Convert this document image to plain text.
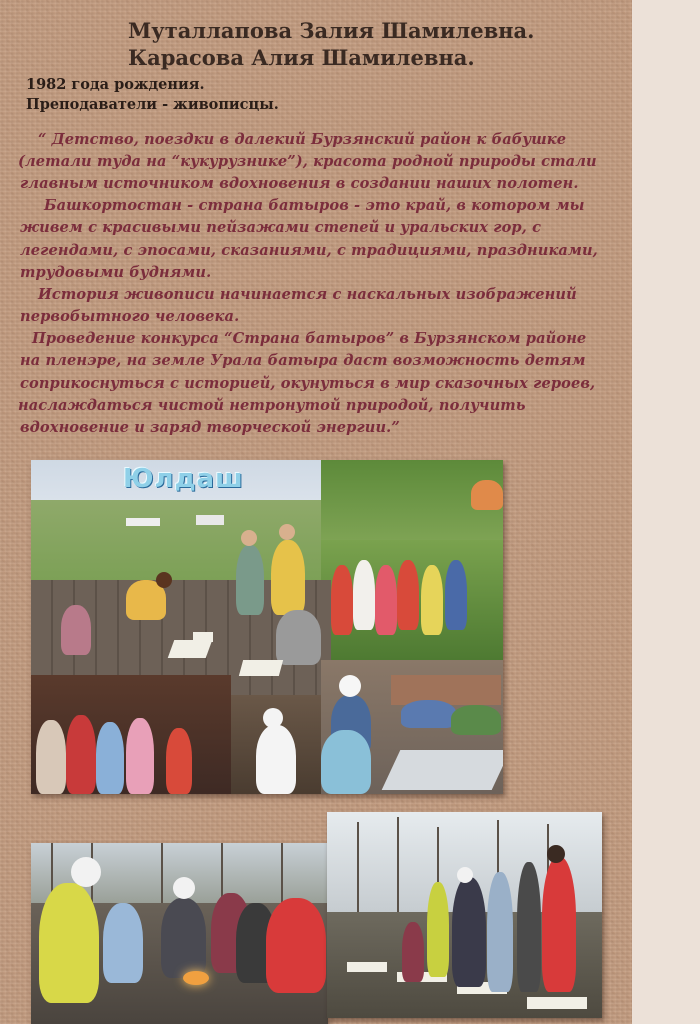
Муталлапова Залия Шамилевна.

Карасова Алия Шамилевна.

1982 года рождения.

Преподаватели - живописцы.

“ Детство, поездки в далекий Бурзянский район к бабушке

(летали туда на “кукурузнике”), красота родной природы стали

главным источником вдохновения в создании наших полотен.

Башкортостан - страна батыров - это край, в котором мы

живем с красивыми пейзажами степей и уральских гор, с

легендами, с эпосами, сказаниями, с традициями, праздниками,

трудовыми буднями.

История живописи начинается с наскальных изображений

первобытного человека.

Проведение конкурса “Страна батыров” в Бурзянском районе

на пленэре, на земле Урала батыра даст возможность детям

соприкоснуться с историей, окунуться в мир сказочных героев,

наслаждаться чистой нетронутой природой, получить

вдохновение и заряд творческой энергии.”

Юлдаш
